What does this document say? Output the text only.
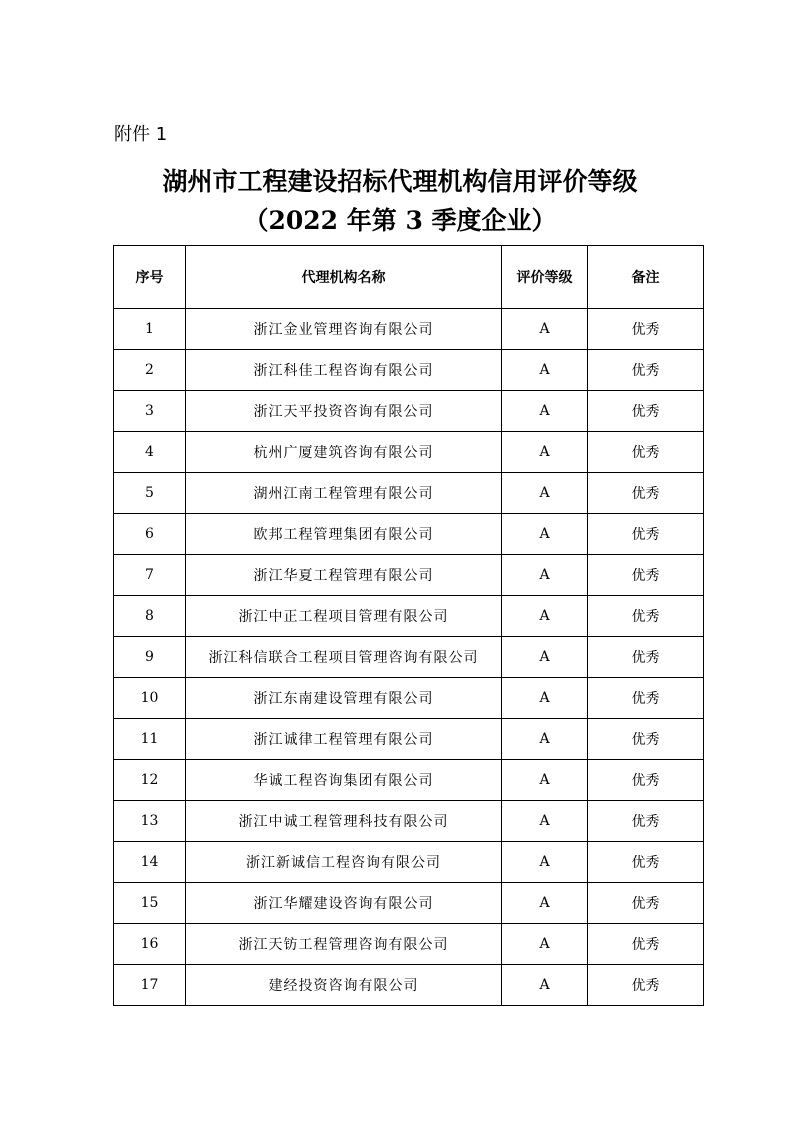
附件 1
湖州市工程建设招标代理机构信用评价等级
（2022 年第 3 季度企业）
序号	代理机构名称	评价等级	备注
1	浙江金业管理咨询有限公司	A	优秀
2	浙江科佳工程咨询有限公司	A	优秀
3	浙江天平投资咨询有限公司	A	优秀
4	杭州广厦建筑咨询有限公司	A	优秀
5	湖州江南工程管理有限公司	A	优秀
6	欧邦工程管理集团有限公司	A	优秀
7	浙江华夏工程管理有限公司	A	优秀
8	浙江中正工程项目管理有限公司	A	优秀
9	浙江科信联合工程项目管理咨询有限公司	A	优秀
10	浙江东南建设管理有限公司	A	优秀
11	浙江诚律工程管理有限公司	A	优秀
12	华诚工程咨询集团有限公司	A	优秀
13	浙江中诚工程管理科技有限公司	A	优秀
14	浙江新诚信工程咨询有限公司	A	优秀
15	浙江华耀建设咨询有限公司	A	优秀
16	浙江天钫工程管理咨询有限公司	A	优秀
17	建经投资咨询有限公司	A	优秀
